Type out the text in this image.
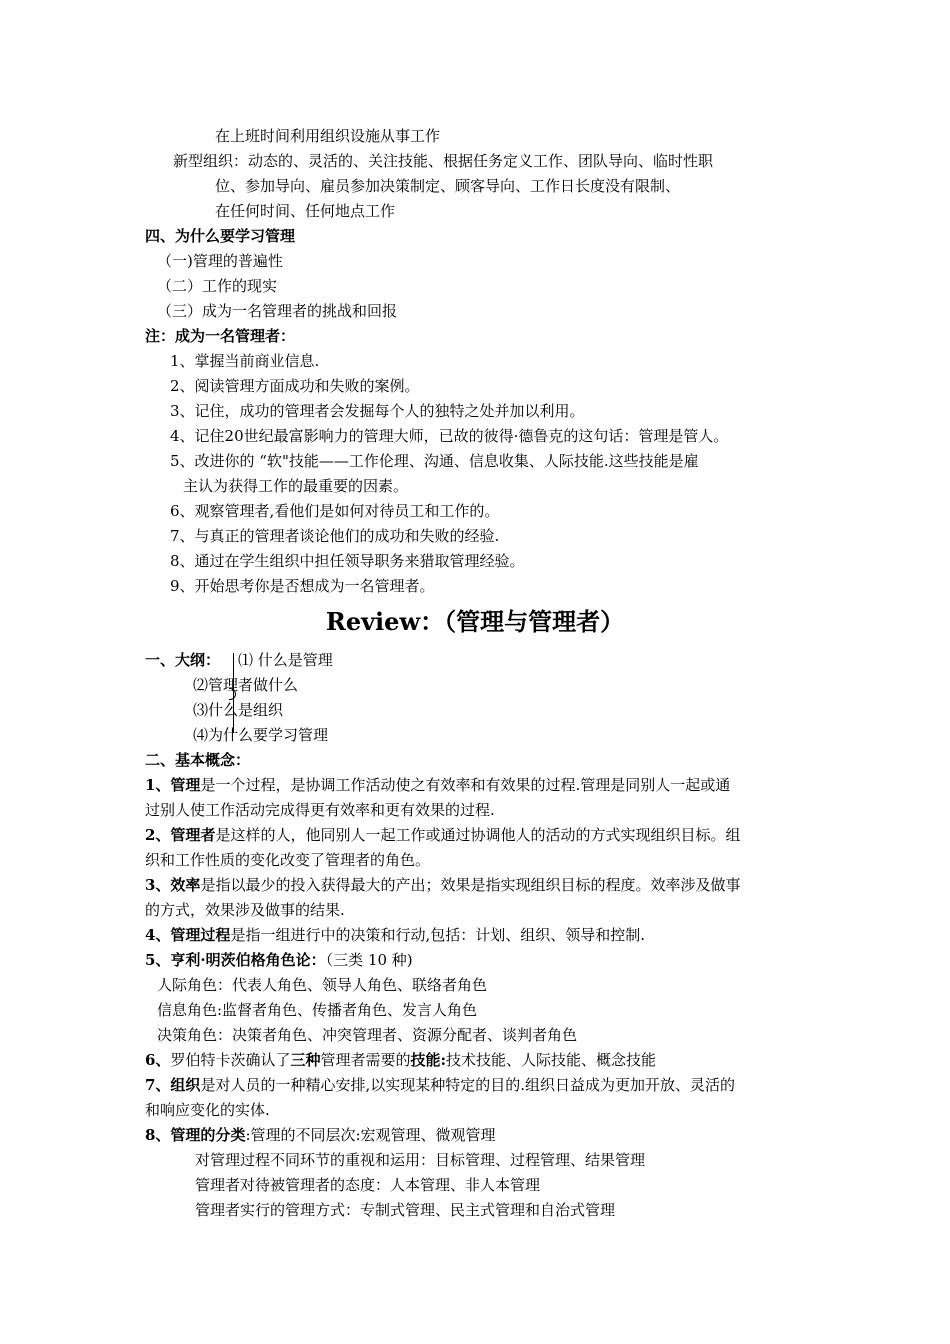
在上班时间利用组织设施从事工作
新型组织：动态的、灵活的、关注技能、根据任务定义工作、团队导向、临时性职
位、参加导向、雇员参加决策制定、顾客导向、工作日长度没有限制、
在任何时间、任何地点工作
四、为什么要学习管理
（一)管理的普遍性
（二）工作的现实
（三）成为一名管理者的挑战和回报
注：成为一名管理者：
1、掌握当前商业信息.
2、阅读管理方面成功和失败的案例。
3、记住，成功的管理者会发掘每个人的独特之处并加以利用。
4、记住20世纪最富影响力的管理大师，已故的彼得·德鲁克的这句话：管理是管人。
5、改进你的 “软"技能——工作伦理、沟通、信息收集、人际技能.这些技能是雇
主认为获得工作的最重要的因素。
6、观察管理者,看他们是如何对待员工和工作的。
7、与真正的管理者谈论他们的成功和失败的经验.
8、通过在学生组织中担任领导职务来猎取管理经验。
9、开始思考你是否想成为一名管理者。
Review：（管理与管理者）
一、大纲： ⑴ 什么是管理
⑵管理者做什么
⑶什么是组织
⑷为什么要学习管理
二、基本概念：
1、管理是一个过程，是协调工作活动使之有效率和有效果的过程.管理是同别人一起或通
过别人使工作活动完成得更有效率和更有效果的过程.
2、管理者是这样的人，他同别人一起工作或通过协调他人的活动的方式实现组织目标。组
织和工作性质的变化改变了管理者的角色。
3、效率是指以最少的投入获得最大的产出；效果是指实现组织目标的程度。效率涉及做事
的方式，效果涉及做事的结果.
4、管理过程是指一组进行中的决策和行动,包括：计划、组织、领导和控制.
5、亨利·明茨伯格角色论：（三类 10 种)
人际角色：代表人角色、领导人角色、联络者角色
信息角色:监督者角色、传播者角色、发言人角色
决策角色：决策者角色、冲突管理者、资源分配者、谈判者角色
6、罗伯特卡茨确认了三种管理者需要的技能:技术技能、人际技能、概念技能
7、组织是对人员的一种精心安排,以实现某种特定的目的.组织日益成为更加开放、灵活的
和响应变化的实体.
8、管理的分类:管理的不同层次:宏观管理、微观管理
对管理过程不同环节的重视和运用：目标管理、过程管理、结果管理
管理者对待被管理者的态度：人本管理、非人本管理
管理者实行的管理方式：专制式管理、民主式管理和自治式管理
